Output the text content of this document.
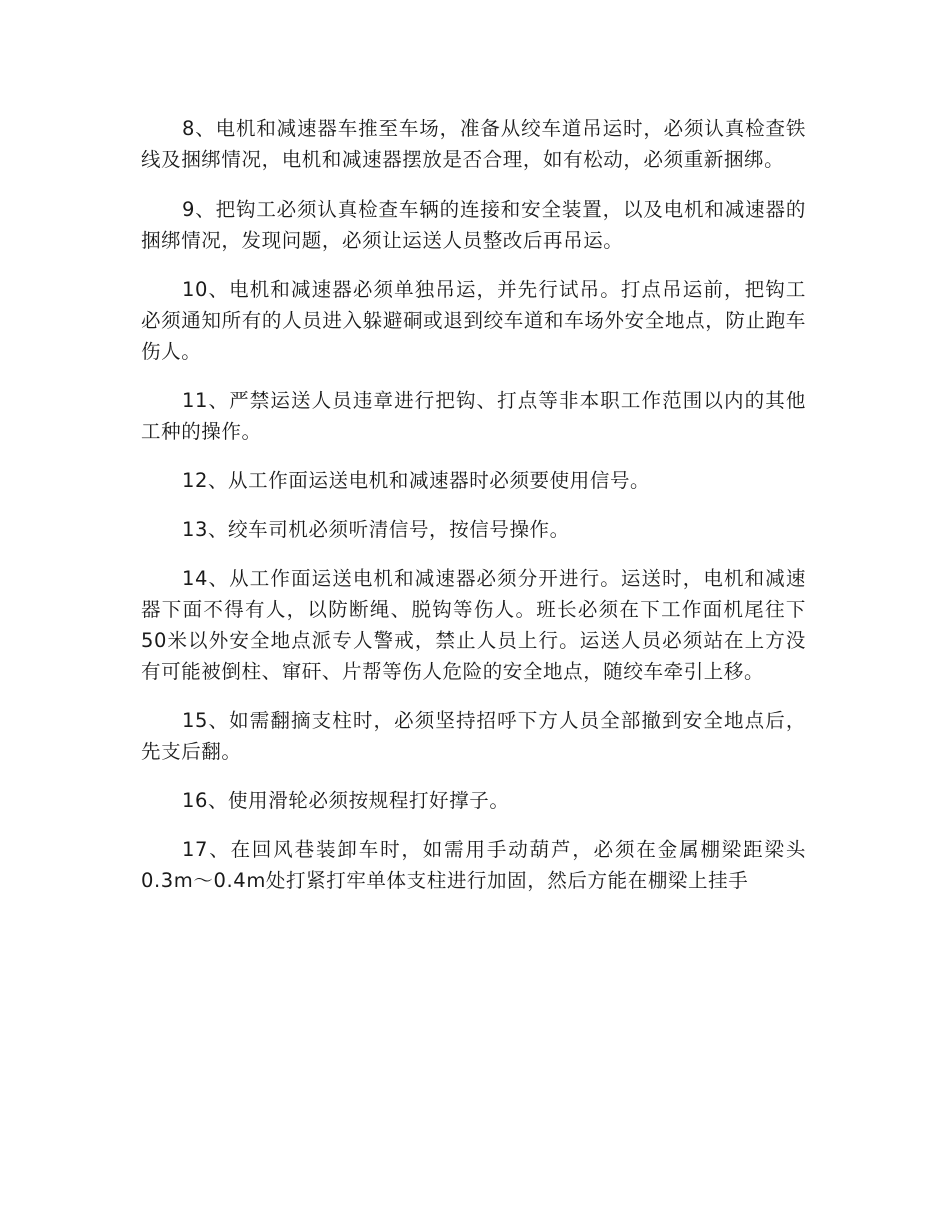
8、电机和减速器车推至车场，准备从绞车道吊运时，必须认真检查铁线及捆绑情况，电机和减速器摆放是否合理，如有松动，必须重新捆绑。

9、把钩工必须认真检查车辆的连接和安全装置，以及电机和减速器的捆绑情况，发现问题，必须让运送人员整改后再吊运。

10、电机和减速器必须单独吊运，并先行试吊。打点吊运前，把钩工必须通知所有的人员进入躲避硐或退到绞车道和车场外安全地点，防止跑车伤人。

11、严禁运送人员违章进行把钩、打点等非本职工作范围以内的其他工种的操作。

12、从工作面运送电机和减速器时必须要使用信号。

13、绞车司机必须听清信号，按信号操作。

14、从工作面运送电机和减速器必须分开进行。运送时，电机和减速器下面不得有人，以防断绳、脱钩等伤人。班长必须在下工作面机尾往下50米以外安全地点派专人警戒，禁止人员上行。运送人员必须站在上方没有可能被倒柱、窜矸、片帮等伤人危险的安全地点，随绞车牵引上移。

15、如需翻摘支柱时，必须坚持招呼下方人员全部撤到安全地点后，先支后翻。

16、使用滑轮必须按规程打好撑子。

17、在回风巷装卸车时，如需用手动葫芦，必须在金属棚梁距梁头0.3m～0.4m处打紧打牢单体支柱进行加固，然后方能在棚梁上挂手
